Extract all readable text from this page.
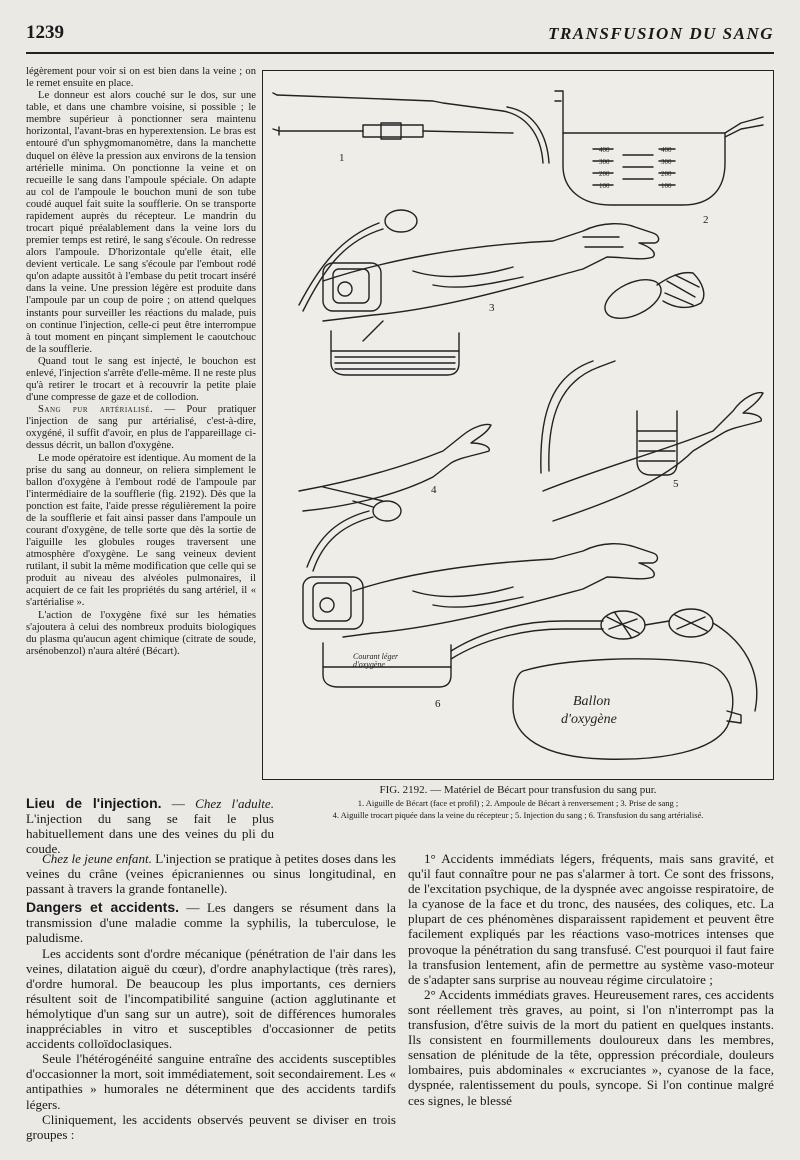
1239	TRANSFUSION DU SANG

légèrement pour voir si on est bien dans la veine ; on le remet ensuite en place.

Le donneur est alors couché sur le dos, sur une table, et dans une chambre voisine, si possible ; le membre supérieur à ponctionner sera maintenu horizontal, l'avant-bras en hyperextension. Le bras est entouré d'un sphygmomanomètre, dans la manchette duquel on élève la pression aux environs de la tension artérielle minima. On ponctionne la veine et on recueille le sang dans l'ampoule spéciale. On adapte au col de l'ampoule le bouchon muni de son tube coudé auquel fait suite la soufflerie. On se transporte rapidement auprès du récepteur. Le mandrin du trocart piqué préalablement dans la veine lors du premier temps est retiré, le sang s'écoule. On redresse alors l'ampoule. D'horizontale qu'elle était, elle devient verticale. Le sang s'écoule par l'embout rodé qu'on adapte aussitôt à l'embase du petit trocart inséré dans la veine. Une pression légère est produite dans l'ampoule par un coup de poire ; on attend quelques instants pour surveiller les réactions du malade, puis on continue l'injection, celle-ci peut être interrompue à tout moment en pinçant simplement le caoutchouc de la soufflerie.

Quand tout le sang est injecté, le bouchon est enlevé, l'injection s'arrête d'elle-même. Il ne reste plus qu'à retirer le trocart et à recouvrir la petite plaie d'une compresse de gaze et de collodion.

Sang pur artérialisé. — Pour pratiquer l'injection de sang pur artérialisé, c'est-à-dire, oxygéné, il suffit d'avoir, en plus de l'appareillage ci-dessus décrit, un ballon d'oxygène.

Le mode opératoire est identique. Au moment de la prise du sang au donneur, on reliera simplement le ballon d'oxygène à l'embout rodé de l'ampoule par l'intermédiaire de la soufflerie (fig. 2192). Dès que la ponction est faite, l'aide presse régulièrement la poire de la soufflerie et fait ainsi passer dans l'ampoule un courant d'oxygène, de telle sorte que dès la sortie de l'aiguille les globules rouges traversent une atmosphère d'oxygène. Le sang veineux devient rutilant, il subit la même modification que celle qui se produit au niveau des alvéoles pulmonaires, il acquiert de ce fait les propriétés du sang artériel, il « s'artérialise ».

L'action de l'oxygène fixé sur les hématies s'ajoutera à celui des nombreux produits biologiques du plasma qu'aucun agent chimique (citrate de soude, arsénobenzol) n'aura altéré (Bécart).

1
2
3
4	5
6
400
300
200
100
400
300
200
100
Courant léger
d'oxygène
Ballon
d'oxygène

FIG. 2192. — Matériel de Bécart pour transfusion du sang pur.

1. Aiguille de Bécart (face et profil) ; 2. Ampoule de Bécart à renversement ; 3. Prise de sang ;

4. Aiguille trocart piquée dans la veine du récepteur ; 5. Injection du sang ; 6. Transfusion du sang artérialisé.

Lieu de l'injection. — Chez l'adulte. L'injection du sang se fait le plus habituellement dans une des veines du pli du coude.

Chez le jeune enfant. L'injection se pratique à petites doses dans les veines du crâne (veines épicraniennes ou sinus longitudinal, en passant à travers la grande fontanelle).

Dangers et accidents. — Les dangers se résument dans la transmission d'une maladie comme la syphilis, la tuberculose, le paludisme.

Les accidents sont d'ordre mécanique (pénétration de l'air dans les veines, dilatation aiguë du cœur), d'ordre anaphylactique (très rares), d'ordre humoral. De beaucoup les plus importants, ces derniers résultent soit de l'incompatibilité sanguine (action agglutinante et hémolytique d'un sang sur un autre), soit de différences humorales inappréciables in vitro et susceptibles d'occasionner de petits accidents colloïdoclasiques.

Seule l'hétérogénéité sanguine entraîne des accidents susceptibles d'occasionner la mort, soit immédiatement, soit secondairement. Les « antipathies » humorales ne déterminent que des accidents tardifs légers.

Cliniquement, les accidents observés peuvent se diviser en trois groupes :

1° Accidents immédiats légers, fréquents, mais sans gravité, et qu'il faut connaître pour ne pas s'alarmer à tort. Ce sont des frissons, de l'excitation psychique, de la dyspnée avec angoisse respiratoire, de la cyanose de la face et du tronc, des nausées, des coliques, etc. La plupart de ces phénomènes disparaissent rapidement et peuvent être facilement expliqués par les réactions vaso-motrices intenses que provoque la pénétration du sang transfusé. C'est pourquoi il faut faire la transfusion lentement, afin de permettre au système vaso-moteur de s'adapter sans surprise au nouveau régime circulatoire ;

2° Accidents immédiats graves. Heureusement rares, ces accidents sont réellement très graves, au point, si l'on n'interrompt pas la transfusion, d'être suivis de la mort du patient en quelques instants. Ils consistent en fourmillements douloureux dans les membres, sensation de plénitude de la tête, oppression précordiale, douleurs lombaires, puis abdominales « excruciantes », cyanose de la face, dyspnée, ralentissement du pouls, syncope. Si l'on continue malgré ces signes, le blessé
